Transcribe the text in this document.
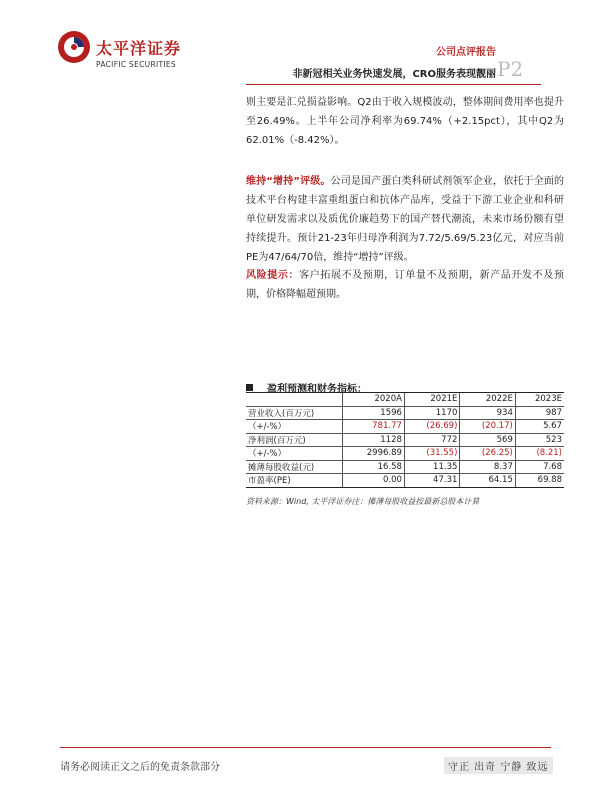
太平洋证券
PACIFIC SECURITIES
公司点评报告
非新冠相关业务快速发展，CRO服务表现靓丽 P2
则主要是汇兑损益影响。Q2由于收入规模波动，整体期间费用率也提升至26.49%。上半年公司净利率为69.74%（+2.15pct），其中Q2为62.01%（-8.42%）。
维持“增持”评级。公司是国产蛋白类科研试剂领军企业，依托于全面的技术平台构建丰富重组蛋白和抗体产品库，受益于下游工业企业和科研单位研发需求以及质优价廉趋势下的国产替代潮流，未来市场份额有望持续提升。预计21-23年归母净利润为7.72/5.69/5.23亿元，对应当前PE为47/64/70倍，维持“增持”评级。
风险提示：客户拓展不及预期，订单量不及预期，新产品开发不及预期，价格降幅超预期。
盈利预测和财务指标：
	2020A	2021E	2022E	2023E
营业收入(百万元)	1596	1170	934	987
（+/-%）	781.77	(26.69)	(20.17)	5.67
净利润(百万元)	1128	772	569	523
（+/-%）	2996.89	(31.55)	(26.25)	(8.21)
摊薄每股收益(元)	16.58	11.35	8.37	7.68
市盈率(PE)	0.00	47.31	64.15	69.88
资料来源：Wind, 太平洋证券注：摊薄每股收益按最新总股本计算
请务必阅读正文之后的免责条款部分	守正 出奇 宁静 致远
